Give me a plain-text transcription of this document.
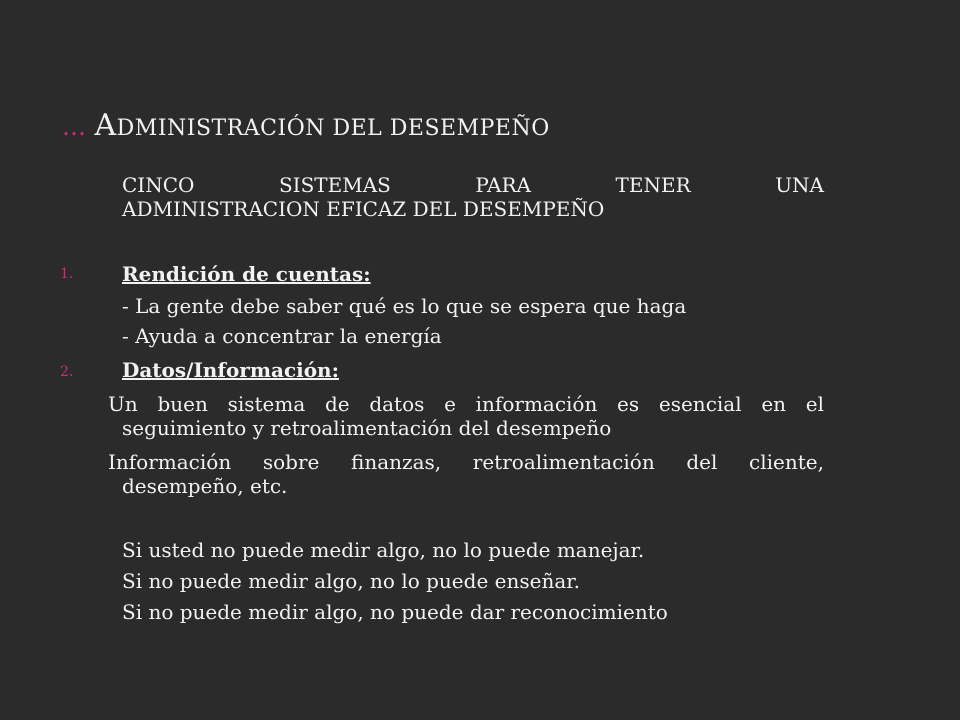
… ADMINISTRACIÓN DEL DESEMPEÑO
CINCO SISTEMAS PARA TENER UNA
ADMINISTRACION EFICAZ DEL DESEMPEÑO
1. Rendición de cuentas:
- La gente debe saber qué es lo que se espera que haga
- Ayuda a concentrar la energía
2. Datos/Información:
Un buen sistema de datos e información es esencial en el
seguimiento y retroalimentación del desempeño
Información sobre finanzas, retroalimentación del cliente,
desempeño, etc.
Si usted no puede medir algo, no lo puede manejar.
Si no puede medir algo, no lo puede enseñar.
Si no puede medir algo, no puede dar reconocimiento
